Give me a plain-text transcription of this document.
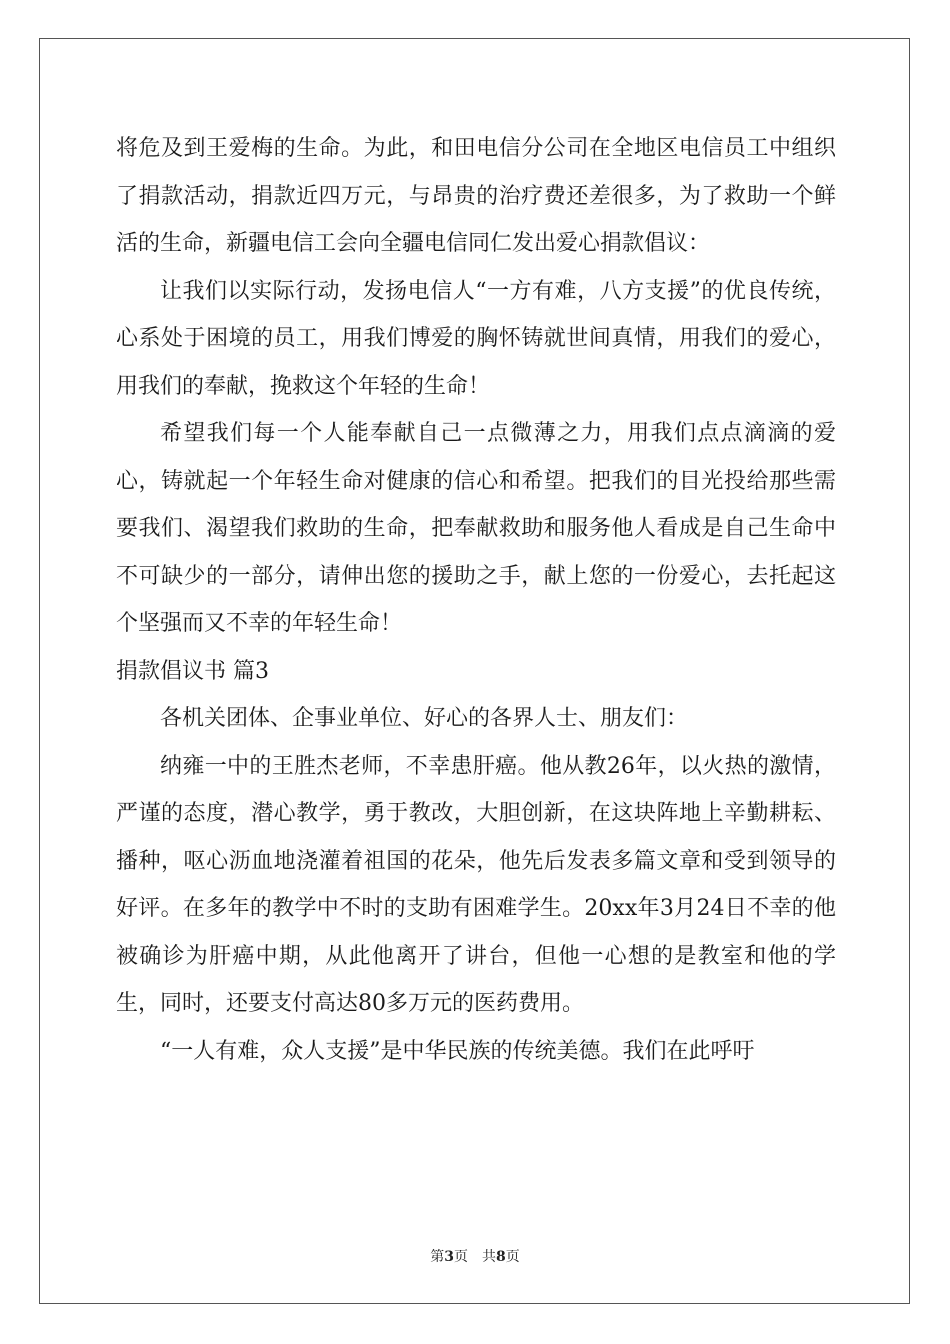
将危及到王爱梅的生命。为此，和田电信分公司在全地区电信员工中组织了捐款活动，捐款近四万元，与昂贵的治疗费还差很多，为了救助一个鲜活的生命，新疆电信工会向全疆电信同仁发出爱心捐款倡议：

让我们以实际行动，发扬电信人“一方有难，八方支援”的优良传统，心系处于困境的员工，用我们博爱的胸怀铸就世间真情，用我们的爱心，用我们的奉献，挽救这个年轻的生命！

希望我们每一个人能奉献自己一点微薄之力，用我们点点滴滴的爱心，铸就起一个年轻生命对健康的信心和希望。把我们的目光投给那些需要我们、渴望我们救助的生命，把奉献救助和服务他人看成是自己生命中不可缺少的一部分，请伸出您的援助之手，献上您的一份爱心，去托起这个坚强而又不幸的年轻生命！

捐款倡议书 篇3

各机关团体、企事业单位、好心的各界人士、朋友们：

纳雍一中的王胜杰老师，不幸患肝癌。他从教26年，以火热的激情，严谨的态度，潜心教学，勇于教改，大胆创新，在这块阵地上辛勤耕耘、播种，呕心沥血地浇灌着祖国的花朵，他先后发表多篇文章和受到领导的好评。在多年的教学中不时的支助有困难学生。20xx年3月24日不幸的他被确诊为肝癌中期，从此他离开了讲台，但他一心想的是教室和他的学生，同时，还要支付高达80多万元的医药费用。

“一人有难，众人支援”是中华民族的传统美德。我们在此呼吁

第3页　共8页
